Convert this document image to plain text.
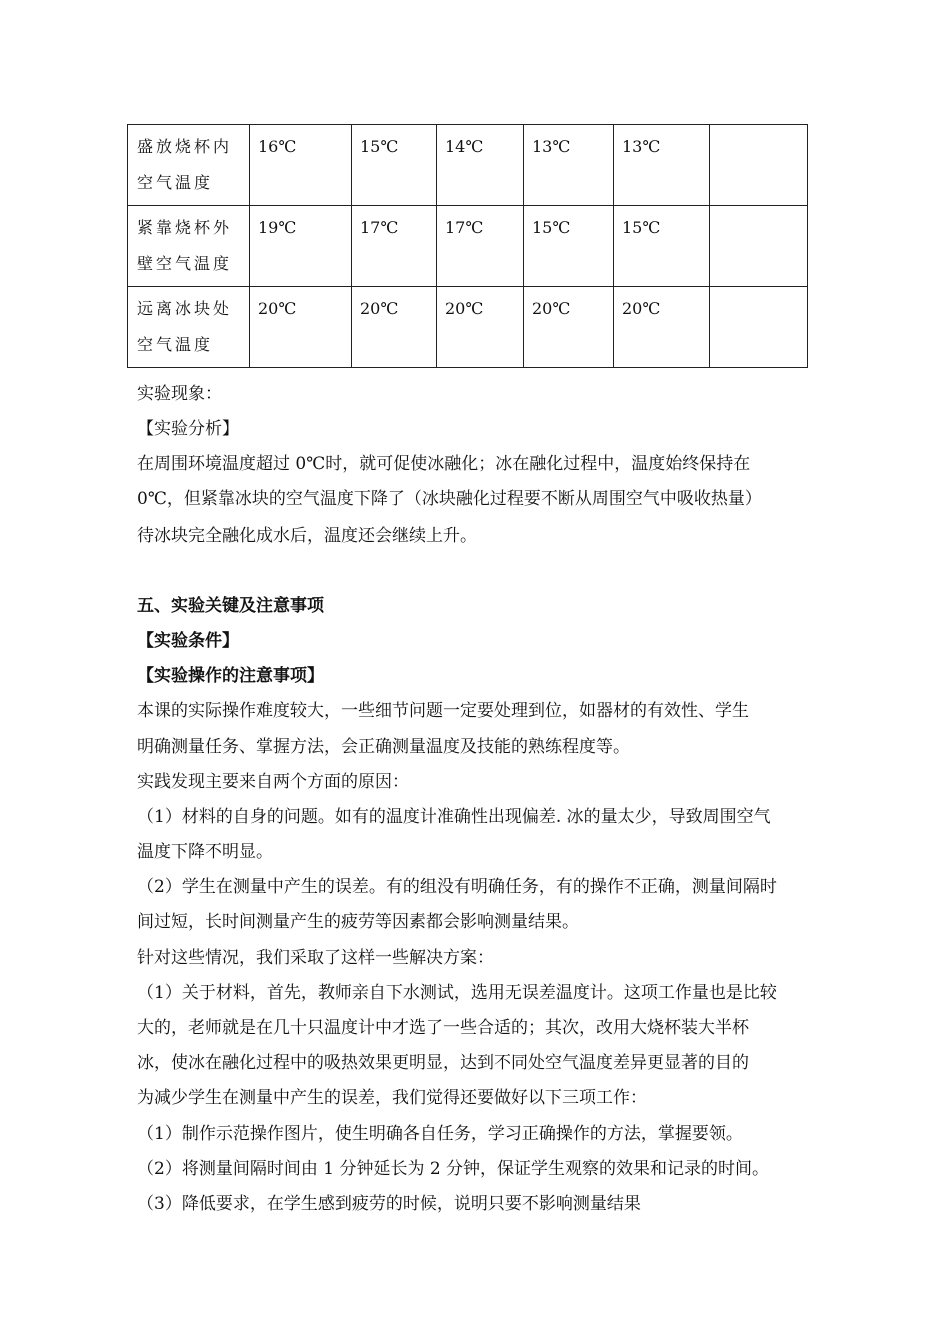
盛放烧杯内
空气温度	16℃	15℃	14℃	13℃	13℃	
紧靠烧杯外
壁空气温度	19℃	17℃	17℃	15℃	15℃	
远离冰块处
空气温度	20℃	20℃	20℃	20℃	20℃	
实验现象：
【实验分析】
在周围环境温度超过 0℃时，就可促使冰融化；冰在融化过程中，温度始终保持在
0℃，但紧靠冰块的空气温度下降了（冰块融化过程要不断从周围空气中吸收热量）
待冰块完全融化成水后，温度还会继续上升。
五、实验关键及注意事项
【实验条件】
【实验操作的注意事项】
本课的实际操作难度较大，一些细节问题一定要处理到位，如器材的有效性、学生
明确测量任务、掌握方法，会正确测量温度及技能的熟练程度等。
实践发现主要来自两个方面的原因：
（1）材料的自身的问题。如有的温度计准确性出现偏差. 冰的量太少，导致周围空气
温度下降不明显。
（2）学生在测量中产生的误差。有的组没有明确任务，有的操作不正确，测量间隔时
间过短，长时间测量产生的疲劳等因素都会影响测量结果。
针对这些情况，我们采取了这样一些解决方案：
（1）关于材料，首先，教师亲自下水测试，选用无误差温度计。这项工作量也是比较
大的，老师就是在几十只温度计中才选了一些合适的；其次，改用大烧杯装大半杯
冰，使冰在融化过程中的吸热效果更明显，达到不同处空气温度差异更显著的目的
为减少学生在测量中产生的误差，我们觉得还要做好以下三项工作：
（1）制作示范操作图片，使生明确各自任务，学习正确操作的方法，掌握要领。
（2）将测量间隔时间由 1 分钟延长为 2 分钟，保证学生观察的效果和记录的时间。
（3）降低要求，在学生感到疲劳的时候，说明只要不影响测量结果
